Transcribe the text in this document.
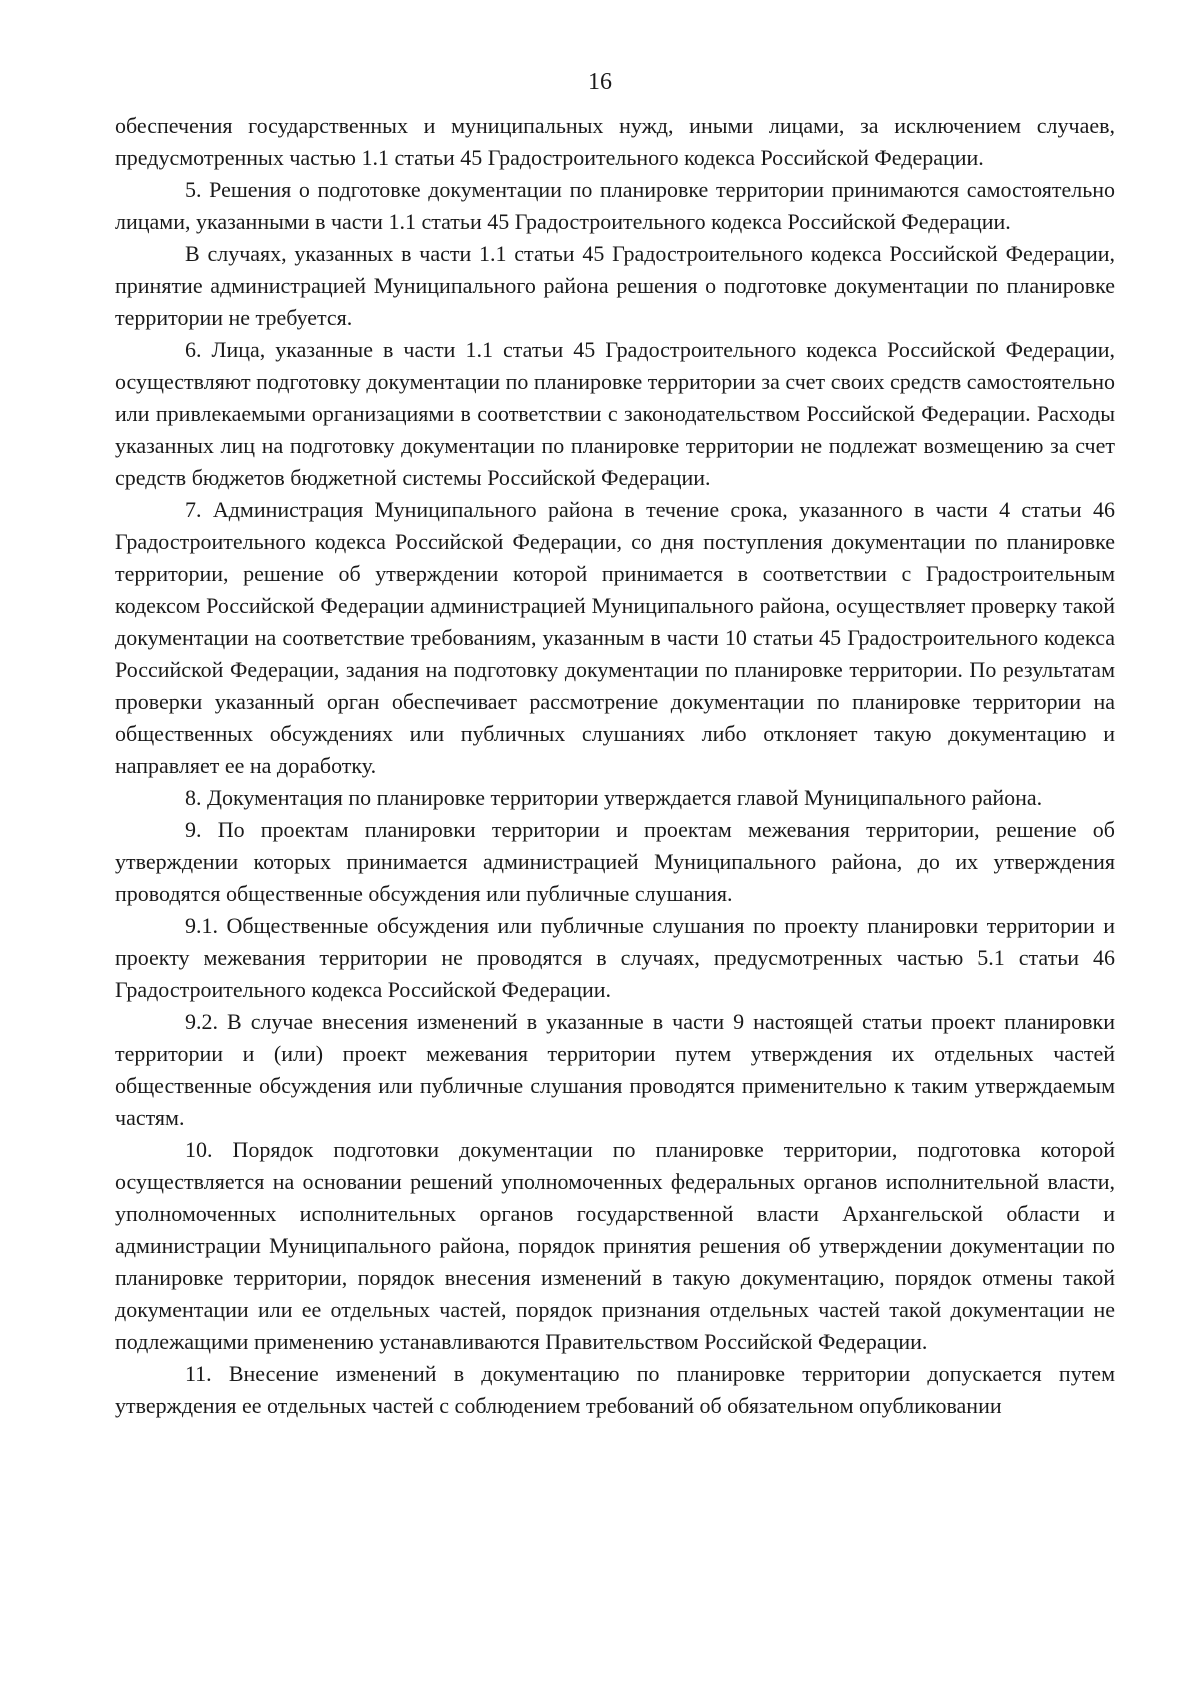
16

обеспечения государственных и муниципальных нужд, иными лицами, за исключением случаев, предусмотренных частью 1.1 статьи 45 Градостроительного кодекса Российской Федерации.

5. Решения о подготовке документации по планировке территории принимаются самостоятельно лицами, указанными в части 1.1 статьи 45 Градостроительного кодекса Российской Федерации.

В случаях, указанных в части 1.1 статьи 45 Градостроительного кодекса Российской Федерации, принятие администрацией Муниципального района решения о подготовке документации по планировке территории не требуется.

6. Лица, указанные в части 1.1 статьи 45 Градостроительного кодекса Российской Федерации, осуществляют подготовку документации по планировке территории за счет своих средств самостоятельно или привлекаемыми организациями в соответствии с законодательством Российской Федерации. Расходы указанных лиц на подготовку документации по планировке территории не подлежат возмещению за счет средств бюджетов бюджетной системы Российской Федерации.

7. Администрация Муниципального района в течение срока, указанного в части 4 статьи 46 Градостроительного кодекса Российской Федерации, со дня поступления документации по планировке территории, решение об утверждении которой принимается в соответствии с Градостроительным кодексом Российской Федерации администрацией Муниципального района, осуществляет проверку такой документации на соответствие требованиям, указанным в части 10 статьи 45 Градостроительного кодекса Российской Федерации, задания на подготовку документации по планировке территории. По результатам проверки указанный орган обеспечивает рассмотрение документации по планировке территории на общественных обсуждениях или публичных слушаниях либо отклоняет такую документацию и направляет ее на доработку.

8. Документация по планировке территории утверждается главой Муниципального района.

9. По проектам планировки территории и проектам межевания территории, решение об утверждении которых принимается администрацией Муниципального района, до их утверждения проводятся общественные обсуждения или публичные слушания.

9.1. Общественные обсуждения или публичные слушания по проекту планировки территории и проекту межевания территории не проводятся в случаях, предусмотренных частью 5.1 статьи 46 Градостроительного кодекса Российской Федерации.

9.2. В случае внесения изменений в указанные в части 9 настоящей статьи проект планировки территории и (или) проект межевания территории путем утверждения их отдельных частей общественные обсуждения или публичные слушания проводятся применительно к таким утверждаемым частям.

10. Порядок подготовки документации по планировке территории, подготовка которой осуществляется на основании решений уполномоченных федеральных органов исполнительной власти, уполномоченных исполнительных органов государственной власти Архангельской области и администрации Муниципального района, порядок принятия решения об утверждении документации по планировке территории, порядок внесения изменений в такую документацию, порядок отмены такой документации или ее отдельных частей, порядок признания отдельных частей такой документации не подлежащими применению устанавливаются Правительством Российской Федерации.

11. Внесение изменений в документацию по планировке территории допускается путем утверждения ее отдельных частей с соблюдением требований об обязательном опубликовании
